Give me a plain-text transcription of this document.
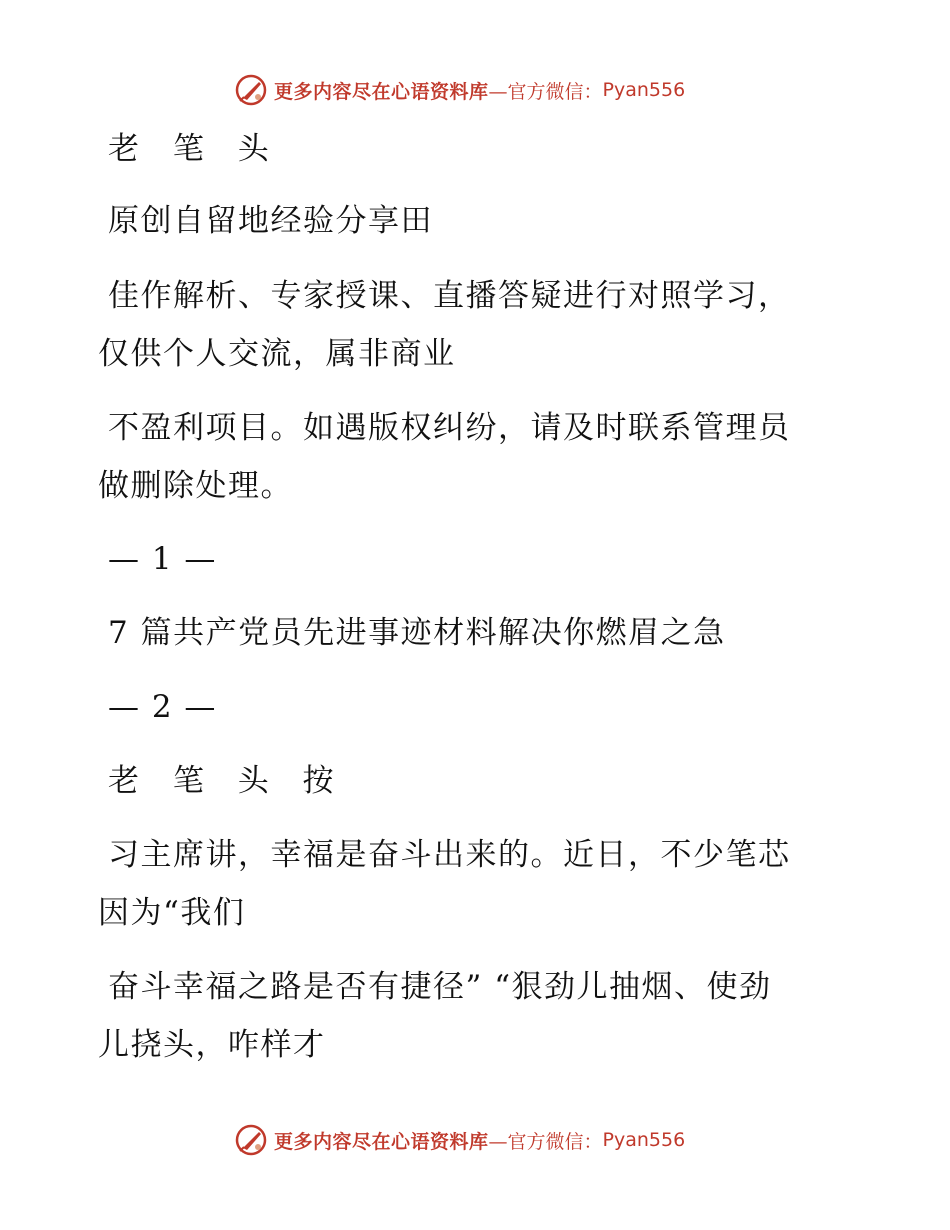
更多内容尽在心语资料库 —官方微信： Pyan556
老 笔 头
原创自留地经验分享田
佳作解析、专家授课、直播答疑进行对照学习，
仅供个人交流，属非商业
不盈利项目。如遇版权纠纷，请及时联系管理员
做删除处理。
— 1 —
7 篇共产党员先进事迹材料解决你燃眉之急
— 2 —
老 笔 头 按
习主席讲，幸福是奋斗出来的。近日，不少笔芯
因为“我们
奋斗幸福之路是否有捷径” “狠劲儿抽烟、使劲
儿挠头，咋样才
更多内容尽在心语资料库 —官方微信： Pyan556
